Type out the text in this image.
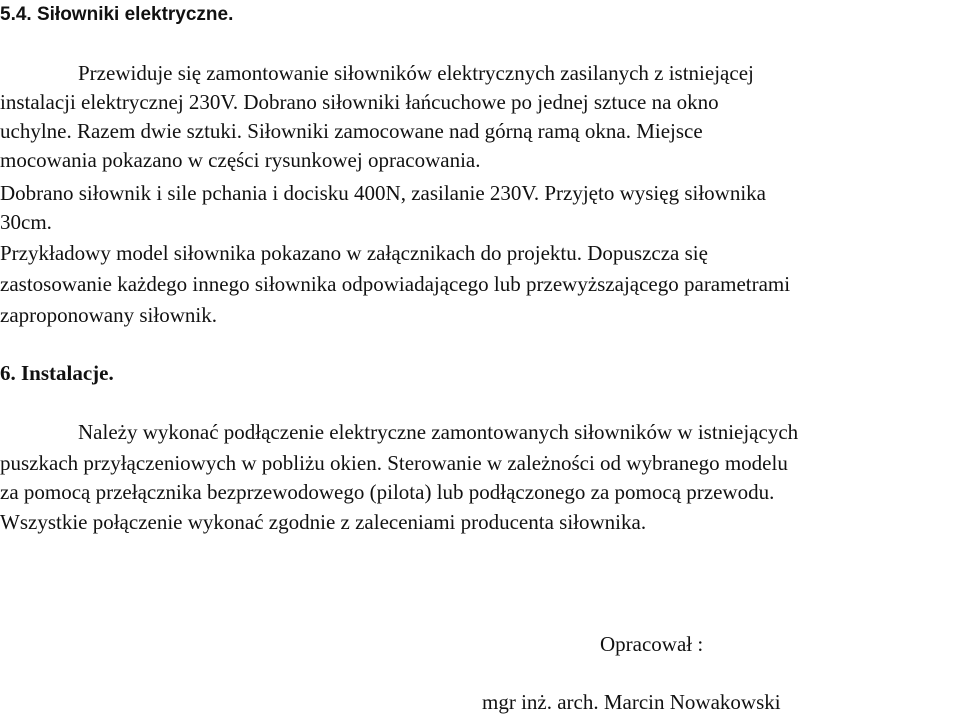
5.4. Siłowniki elektryczne.
Przewiduje się zamontowanie siłowników elektrycznych zasilanych z istniejącej
instalacji elektrycznej 230V. Dobrano siłowniki łańcuchowe po jednej sztuce na okno
uchylne. Razem dwie sztuki. Siłowniki zamocowane nad górną ramą okna. Miejsce
mocowania pokazano w części rysunkowej opracowania.
Dobrano siłownik i sile pchania i docisku 400N, zasilanie 230V. Przyjęto wysięg siłownika
30cm.
Przykładowy model siłownika pokazano w załącznikach do projektu. Dopuszcza się
zastosowanie każdego innego siłownika odpowiadającego lub przewyższającego parametrami
zaproponowany siłownik.
6. Instalacje.
Należy wykonać podłączenie elektryczne zamontowanych siłowników w istniejących
puszkach przyłączeniowych w pobliżu okien. Sterowanie w zależności od wybranego modelu
za pomocą przełącznika bezprzewodowego (pilota) lub podłączonego za pomocą przewodu.
Wszystkie połączenie wykonać zgodnie z zaleceniami producenta siłownika.
Opracował :
mgr inż. arch. Marcin Nowakowski
